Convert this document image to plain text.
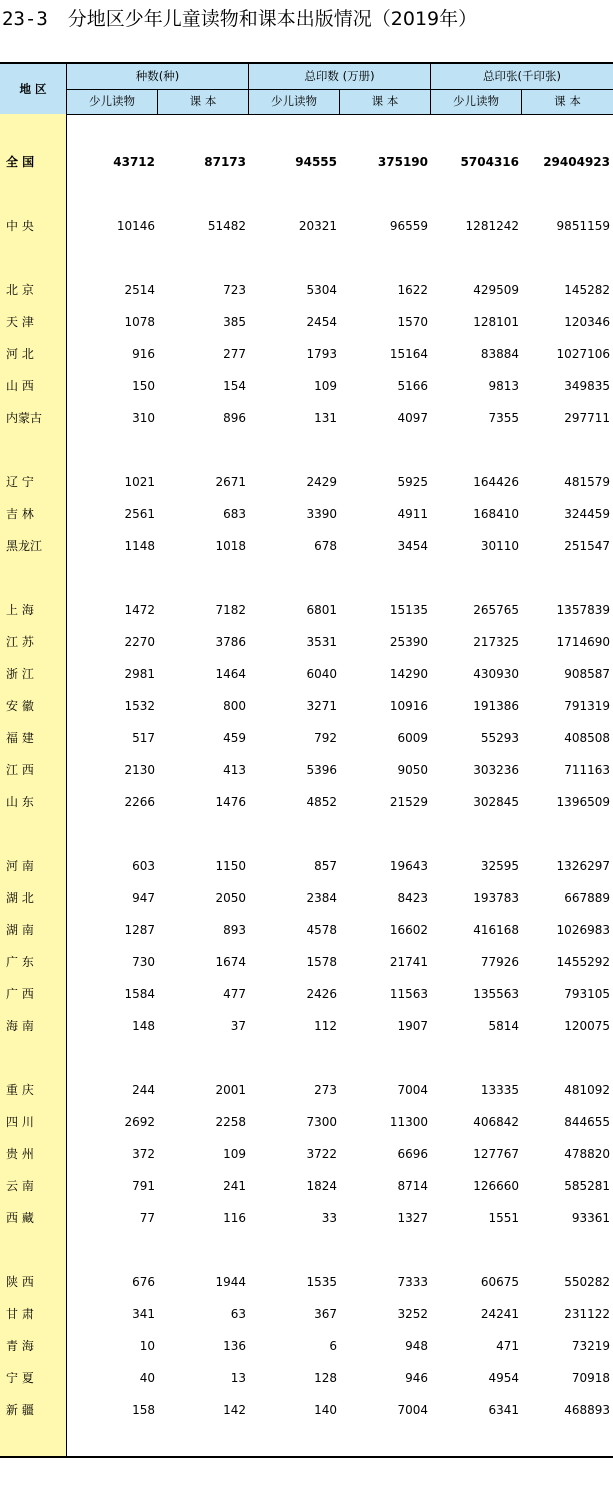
23-3 分地区少年儿童读物和课本出版情况（2019年）
地 区
种数(种)	总印数 (万册)	总印张(千印张)
少儿读物	课 本	少儿读物	课 本	少儿读物	课 本
全 国	43712	87173	94555	375190	5704316	29404923
中 央	10146	51482	20321	96559	1281242	9851159
北 京	2514	723	5304	1622	429509	145282
天 津	1078	385	2454	1570	128101	120346
河 北	916	277	1793	15164	83884	1027106
山 西	150	154	109	5166	9813	349835
内蒙古	310	896	131	4097	7355	297711
辽 宁	1021	2671	2429	5925	164426	481579
吉 林	2561	683	3390	4911	168410	324459
黑龙江	1148	1018	678	3454	30110	251547
上 海	1472	7182	6801	15135	265765	1357839
江 苏	2270	3786	3531	25390	217325	1714690
浙 江	2981	1464	6040	14290	430930	908587
安 徽	1532	800	3271	10916	191386	791319
福 建	517	459	792	6009	55293	408508
江 西	2130	413	5396	9050	303236	711163
山 东	2266	1476	4852	21529	302845	1396509
河 南	603	1150	857	19643	32595	1326297
湖 北	947	2050	2384	8423	193783	667889
湖 南	1287	893	4578	16602	416168	1026983
广 东	730	1674	1578	21741	77926	1455292
广 西	1584	477	2426	11563	135563	793105
海 南	148	37	112	1907	5814	120075
重 庆	244	2001	273	7004	13335	481092
四 川	2692	2258	7300	11300	406842	844655
贵 州	372	109	3722	6696	127767	478820
云 南	791	241	1824	8714	126660	585281
西 藏	77	116	33	1327	1551	93361
陕 西	676	1944	1535	7333	60675	550282
甘 肃	341	63	367	3252	24241	231122
青 海	10	136	6	948	471	73219
宁 夏	40	13	128	946	4954	70918
新 疆	158	142	140	7004	6341	468893
